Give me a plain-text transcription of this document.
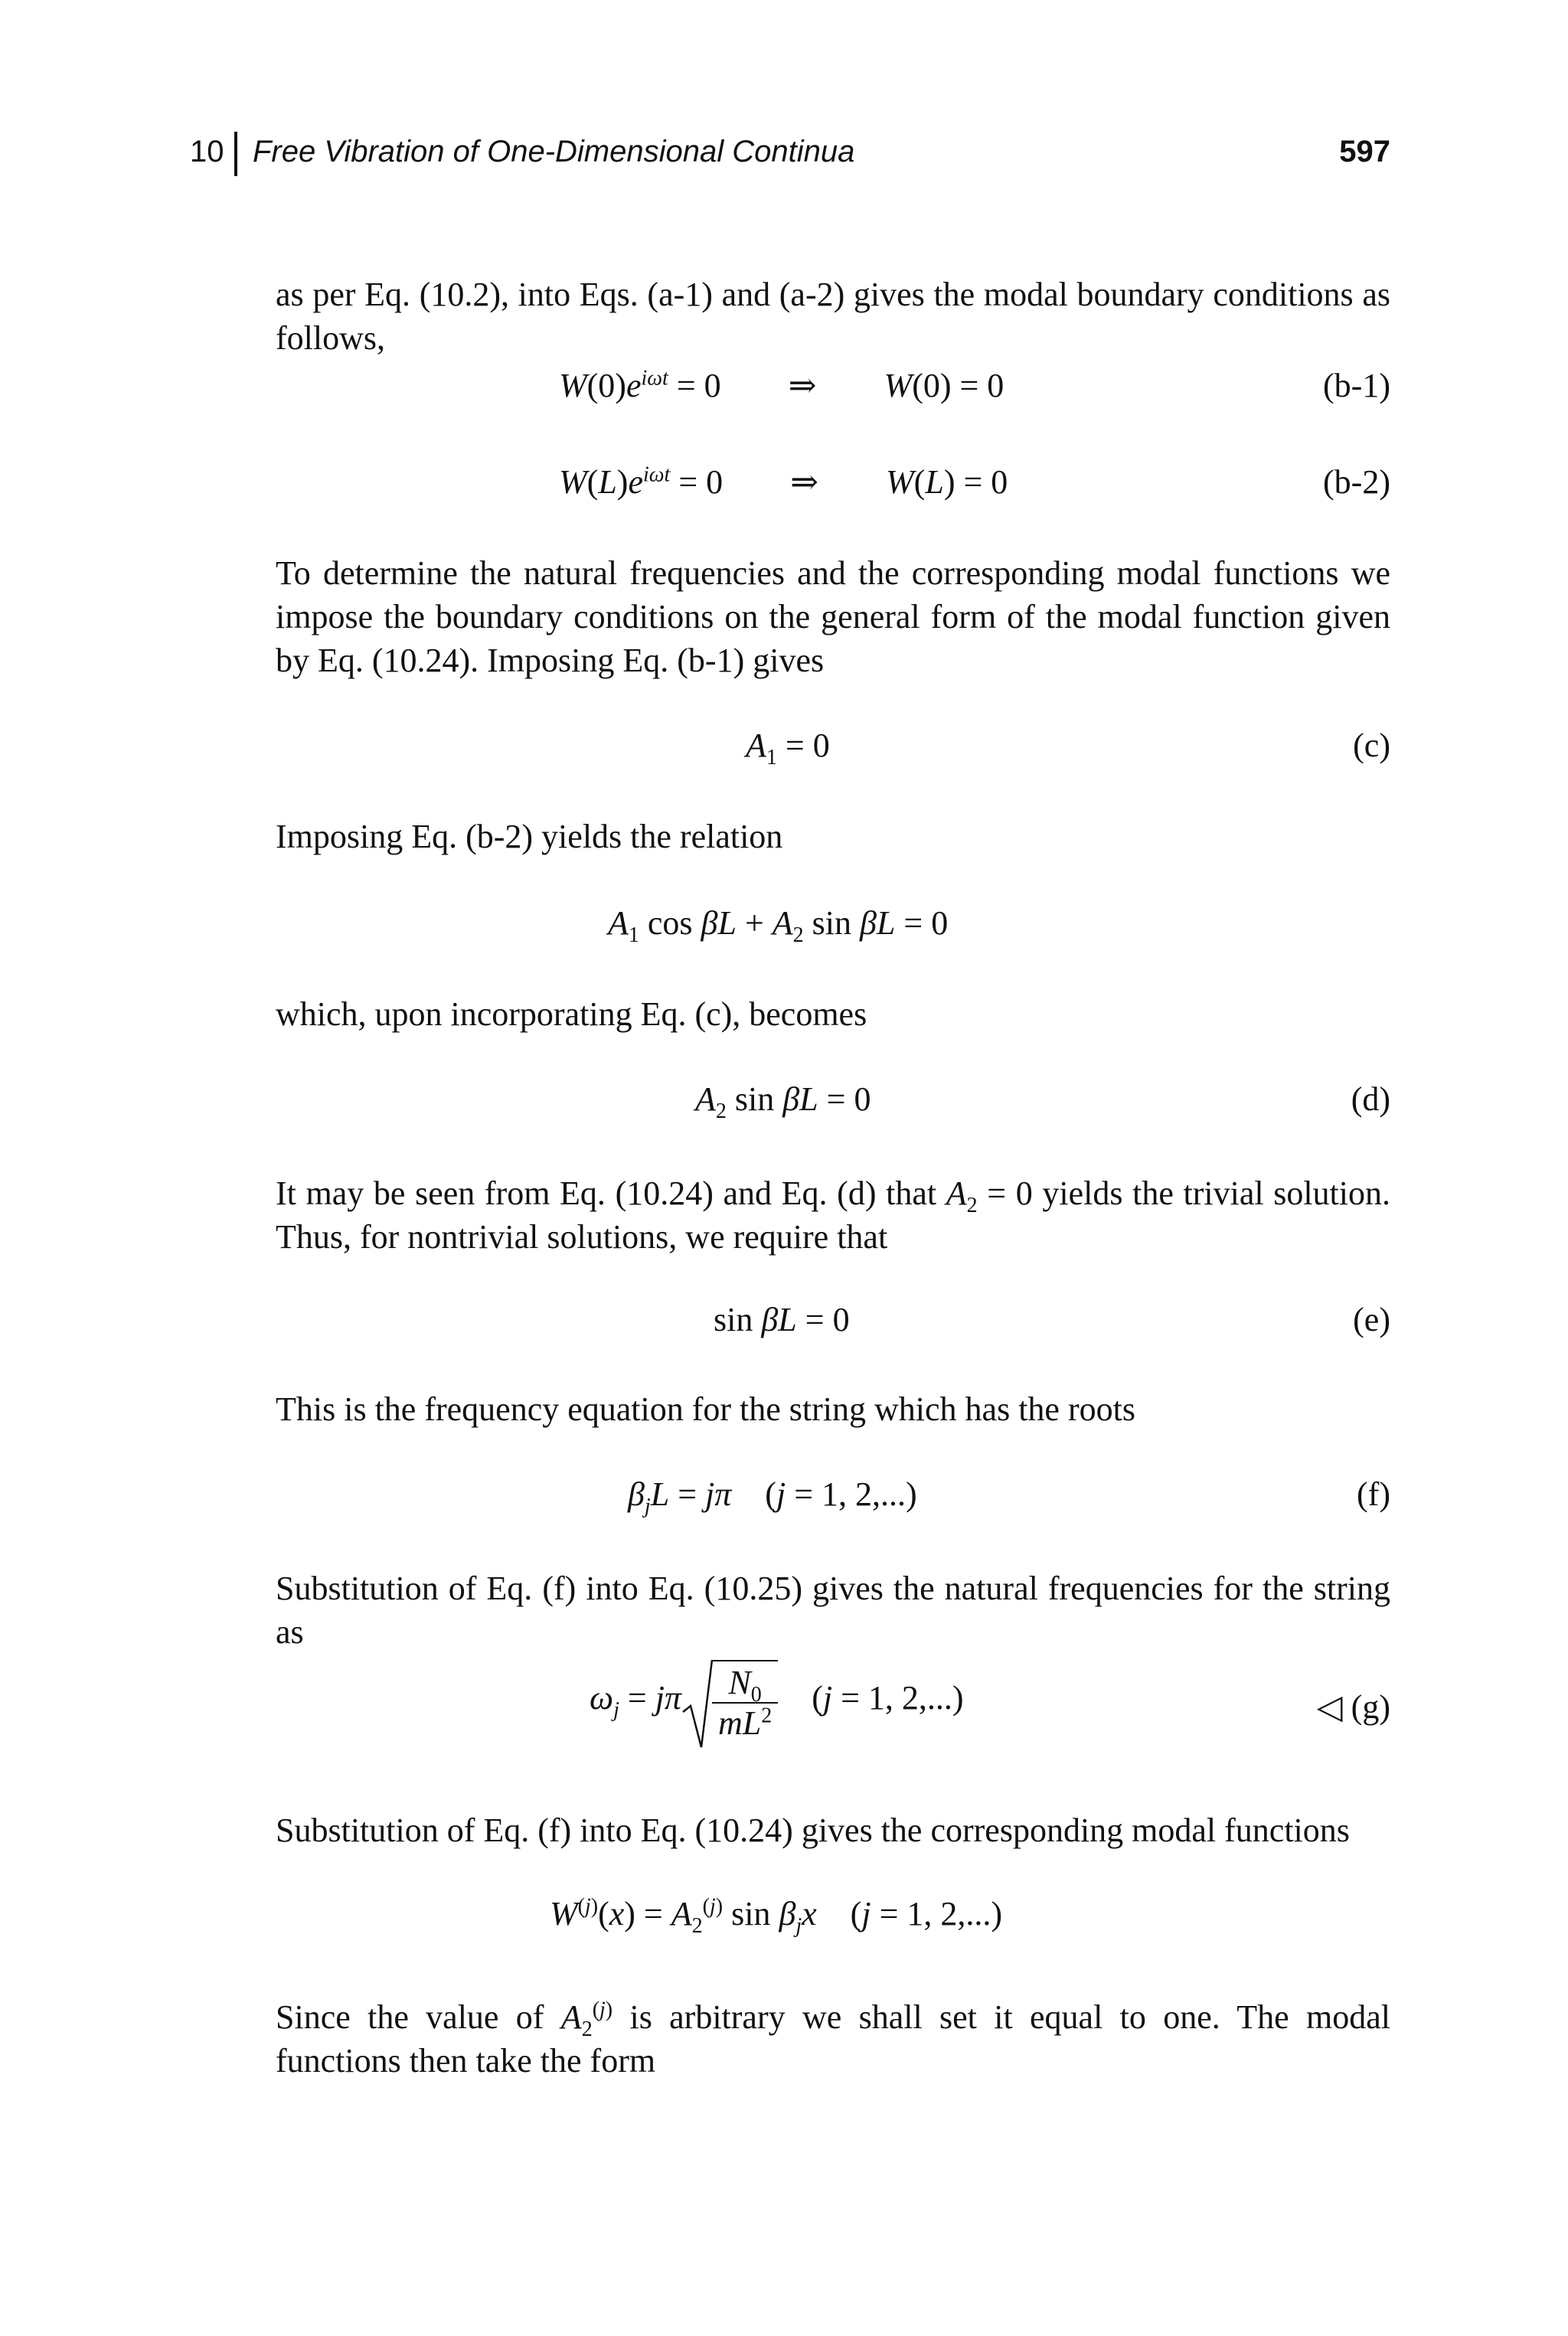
10 Free Vibration of One-Dimensional Continua	597

as per Eq. (10.2), into Eqs. (a-1) and (a-2) gives the modal boundary conditions as follows,

$W(0)e^{i\omega t} = 0$ ⇒ W(0) = 0	(b-1)
$W(L)e^{i\omega t} = 0$ ⇒ W(L) = 0	(b-2)

To determine the natural frequencies and the corresponding modal functions we impose the boundary conditions on the general form of the modal function given by Eq. (10.24). Imposing Eq. (b-1) gives

$A_1 = 0$	(c)

Imposing Eq. (b-2) yields the relation

$A_1$ $\cos \beta L + A_2$ sin βL = 0

which, upon incorporating Eq. (c), becomes

$A_2$ sin βL = 0	(d)

It may be seen from Eq. (10.24) and Eq. (d) that $A_2 = 0$ yields the trivial solution. Thus, for nontrivial solutions, we require that

sin βL = 0	(e)

This is the frequency equation for the string which has the roots

$\beta_jL = j\pi$ (j = 1, 2,...)	(f)

Substitution of Eq. (f) into Eq. (10.25) gives the natural frequencies for the string as

$\omega_j = j\pi \frac{N_0}{mL^2} (j = 1$, 2,...)	◁ (g)

Substitution of Eq. (f) into Eq. (10.24) gives the corresponding modal functions

$W^{(j)}(x) = A_2^{(j)}$ $\sin \beta_jx$ (j = 1, 2,...)

Since the value of $A_2^{(j)}$ is arbitrary we shall set it equal to one. The modal functions then take the form
